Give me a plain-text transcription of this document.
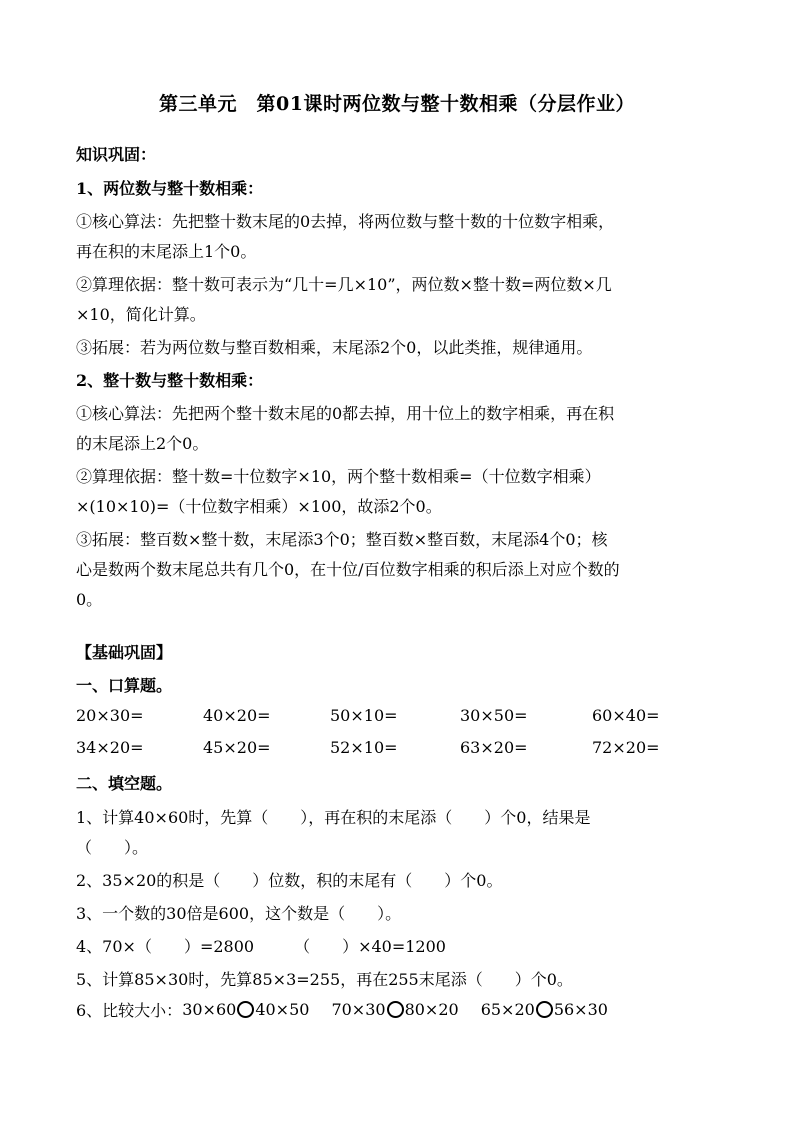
第三单元　第01课时两位数与整十数相乘（分层作业）
知识巩固：
1、两位数与整十数相乘：
①核心算法：先把整十数末尾的0去掉，将两位数与整十数的十位数字相乘，
再在积的末尾添上1个0。
②算理依据：整十数可表示为“几十=几×10”，两位数×整十数=两位数×几
×10，简化计算。
③拓展：若为两位数与整百数相乘，末尾添2个0，以此类推，规律通用。
2、整十数与整十数相乘：
①核心算法：先把两个整十数末尾的0都去掉，用十位上的数字相乘，再在积
的末尾添上2个0。
②算理依据：整十数=十位数字×10，两个整十数相乘=（十位数字相乘）
×(10×10)=（十位数字相乘）×100，故添2个0。
③拓展：整百数×整十数，末尾添3个0；整百数×整百数，末尾添4个0；核
心是数两个数末尾总共有几个0，在十位/百位数字相乘的积后添上对应个数的
0。
【基础巩固】
一、口算题。
20×30=	40×20=	50×10=	30×50=	60×40=
34×20=	45×20=	52×10=	63×20=	72×20=
二、填空题。
1、计算40×60时，先算（　　），再在积的末尾添（　　）个0，结果是
（　　）。
2、35×20的积是（　　）位数，积的末尾有（　　）个0。
3、一个数的30倍是600，这个数是（　　）。
4、70×（　　）=2800　　　（　　）×40=1200
5、计算85×30时，先算85×3=255，再在255末尾添（　　）个0。
6、比较大小： 30×60 40×50 70×30 80×20 65×20 56×30
